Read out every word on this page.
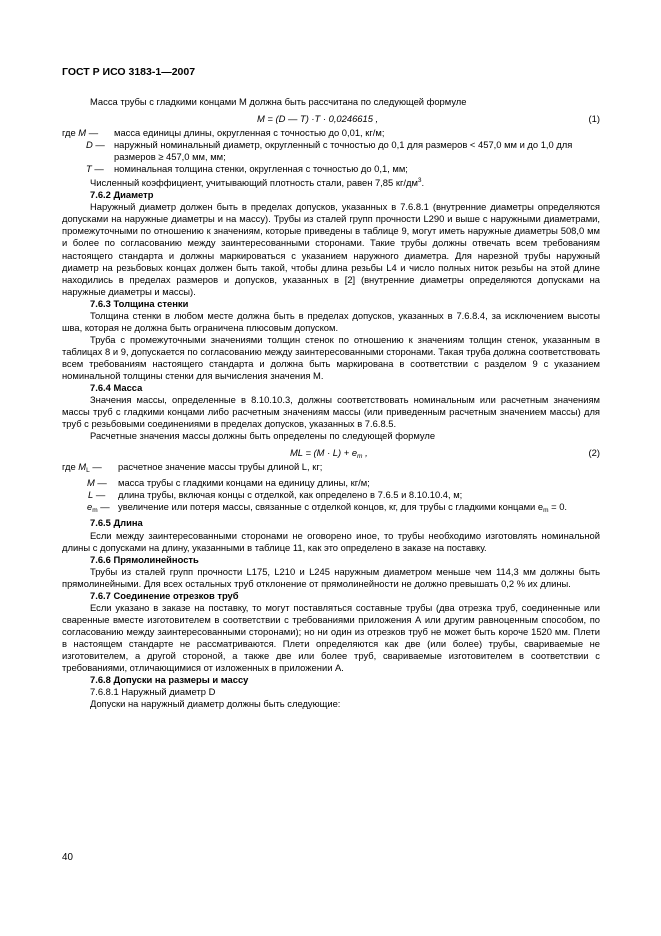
ГОСТ Р ИСО 3183-1—2007

Масса трубы с гладкими концами M должна быть рассчитана по следующей формуле

M = (D — T) ·T · 0,0246615 ,	(1)
где M —	масса единицы длины, округленная с точностью до 0,01, кг/м;
D — наружный номинальный диаметр, округленный с точностью до 0,1 для размеров < 457,0 мм и до 1,0 для размеров ≥ 457,0 мм, мм;
T —	номинальная толщина стенки, округленная с точностью до 0,1, мм;

Численный коэффициент, учитывающий плотность стали, равен 7,85 $кг/дм^3$.

7.6.2 Диаметр

Наружный диаметр должен быть в пределах допусков, указанных в 7.6.8.1 (внутренние диаметры определяются допусками на наружные диаметры и на массу). Трубы из сталей групп прочности L290 и выше с наружными диаметрами, промежуточными по отношению к значениям, которые приведены в таблице 9, могут иметь наружные диаметры 508,0 мм и более по согласованию между заинтересованными сторонами. Такие трубы должны отвечать всем требованиям настоящего стандарта и должны маркироваться с указанием наружного диаметра. Для нарезной трубы наружный диаметр на резьбовых концах должен быть такой, чтобы длина резьбы L4 и число полных ниток резьбы на этой длине находились в пределах размеров и допусков, указанных в [2] (внутренние диаметры определяются допусками на наружные диаметры и массы).

7.6.3 Толщина стенки

Толщина стенки в любом месте должна быть в пределах допусков, указанных в 7.6.8.4, за исключением высоты шва, которая не должна быть ограничена плюсовым допуском.

Труба с промежуточными значениями толщин стенок по отношению к значениям толщин стенок, указанным в таблицах 8 и 9, допускается по согласованию между заинтересованными сторонами. Такая труба должна соответствовать всем требованиям настоящего стандарта и должна быть маркирована в соответствии с разделом 9 с указанием номинальной толщины стенки для вычисления значения M.

7.6.4 Масса

Значения массы, определенные в 8.10.10.3, должны соответствовать номинальным или расчетным значениям массы труб с гладкими концами либо расчетным значениям массы (или приведенным расчетным значением массы) для труб с резьбовыми соединениями в пределах допусков, указанных в 7.6.8.5.

Расчетные значения массы должны быть определены по следующей формуле

ML = $(M \cdot L) + e_m$ ,	(2)
где $M_L$ —	расчетное значение массы трубы длиной L, кг;
M —	масса трубы с гладкими концами на единицу длины, кг/м;
L —	длина трубы, включая концы с отделкой, как определено в 7.6.5 и 8.10.10.4, м;
$e_m$ — увеличение или потеря массы, связанные с отделкой концов, кг, для трубы с гладкими концами $e_m = 0$.

7.6.5 Длина

Если между заинтересованными сторонами не оговорено иное, то трубы необходимо изготовлять номинальной длины с допусками на длину, указанными в таблице 11, как это определено в заказе на поставку.

7.6.6 Прямолинейность

Трубы из сталей групп прочности L175, L210 и L245 наружным диаметром меньше чем 114,3 мм должны быть прямолинейными. Для всех остальных труб отклонение от прямолинейности не должно превышать 0,2 % их длины.

7.6.7 Соединение отрезков труб

Если указано в заказе на поставку, то могут поставляться составные трубы (два отрезка труб, соединенные или сваренные вместе изготовителем в соответствии с требованиями приложения А или другим равноценным способом, по согласованию между заинтересованными сторонами); но ни один из отрезков труб не может быть короче 1520 мм. Плети в настоящем стандарте не рассматриваются. Плети определяются как две (или более) трубы, свариваемые не изготовителем, а другой стороной, а также две или более труб, свариваемые изготовителем в соответствии с требованиями, отличающимися от изложенных в приложении А.

7.6.8 Допуски на размеры и массу

7.6.8.1 Наружный диаметр D

Допуски на наружный диаметр должны быть следующие:

40
